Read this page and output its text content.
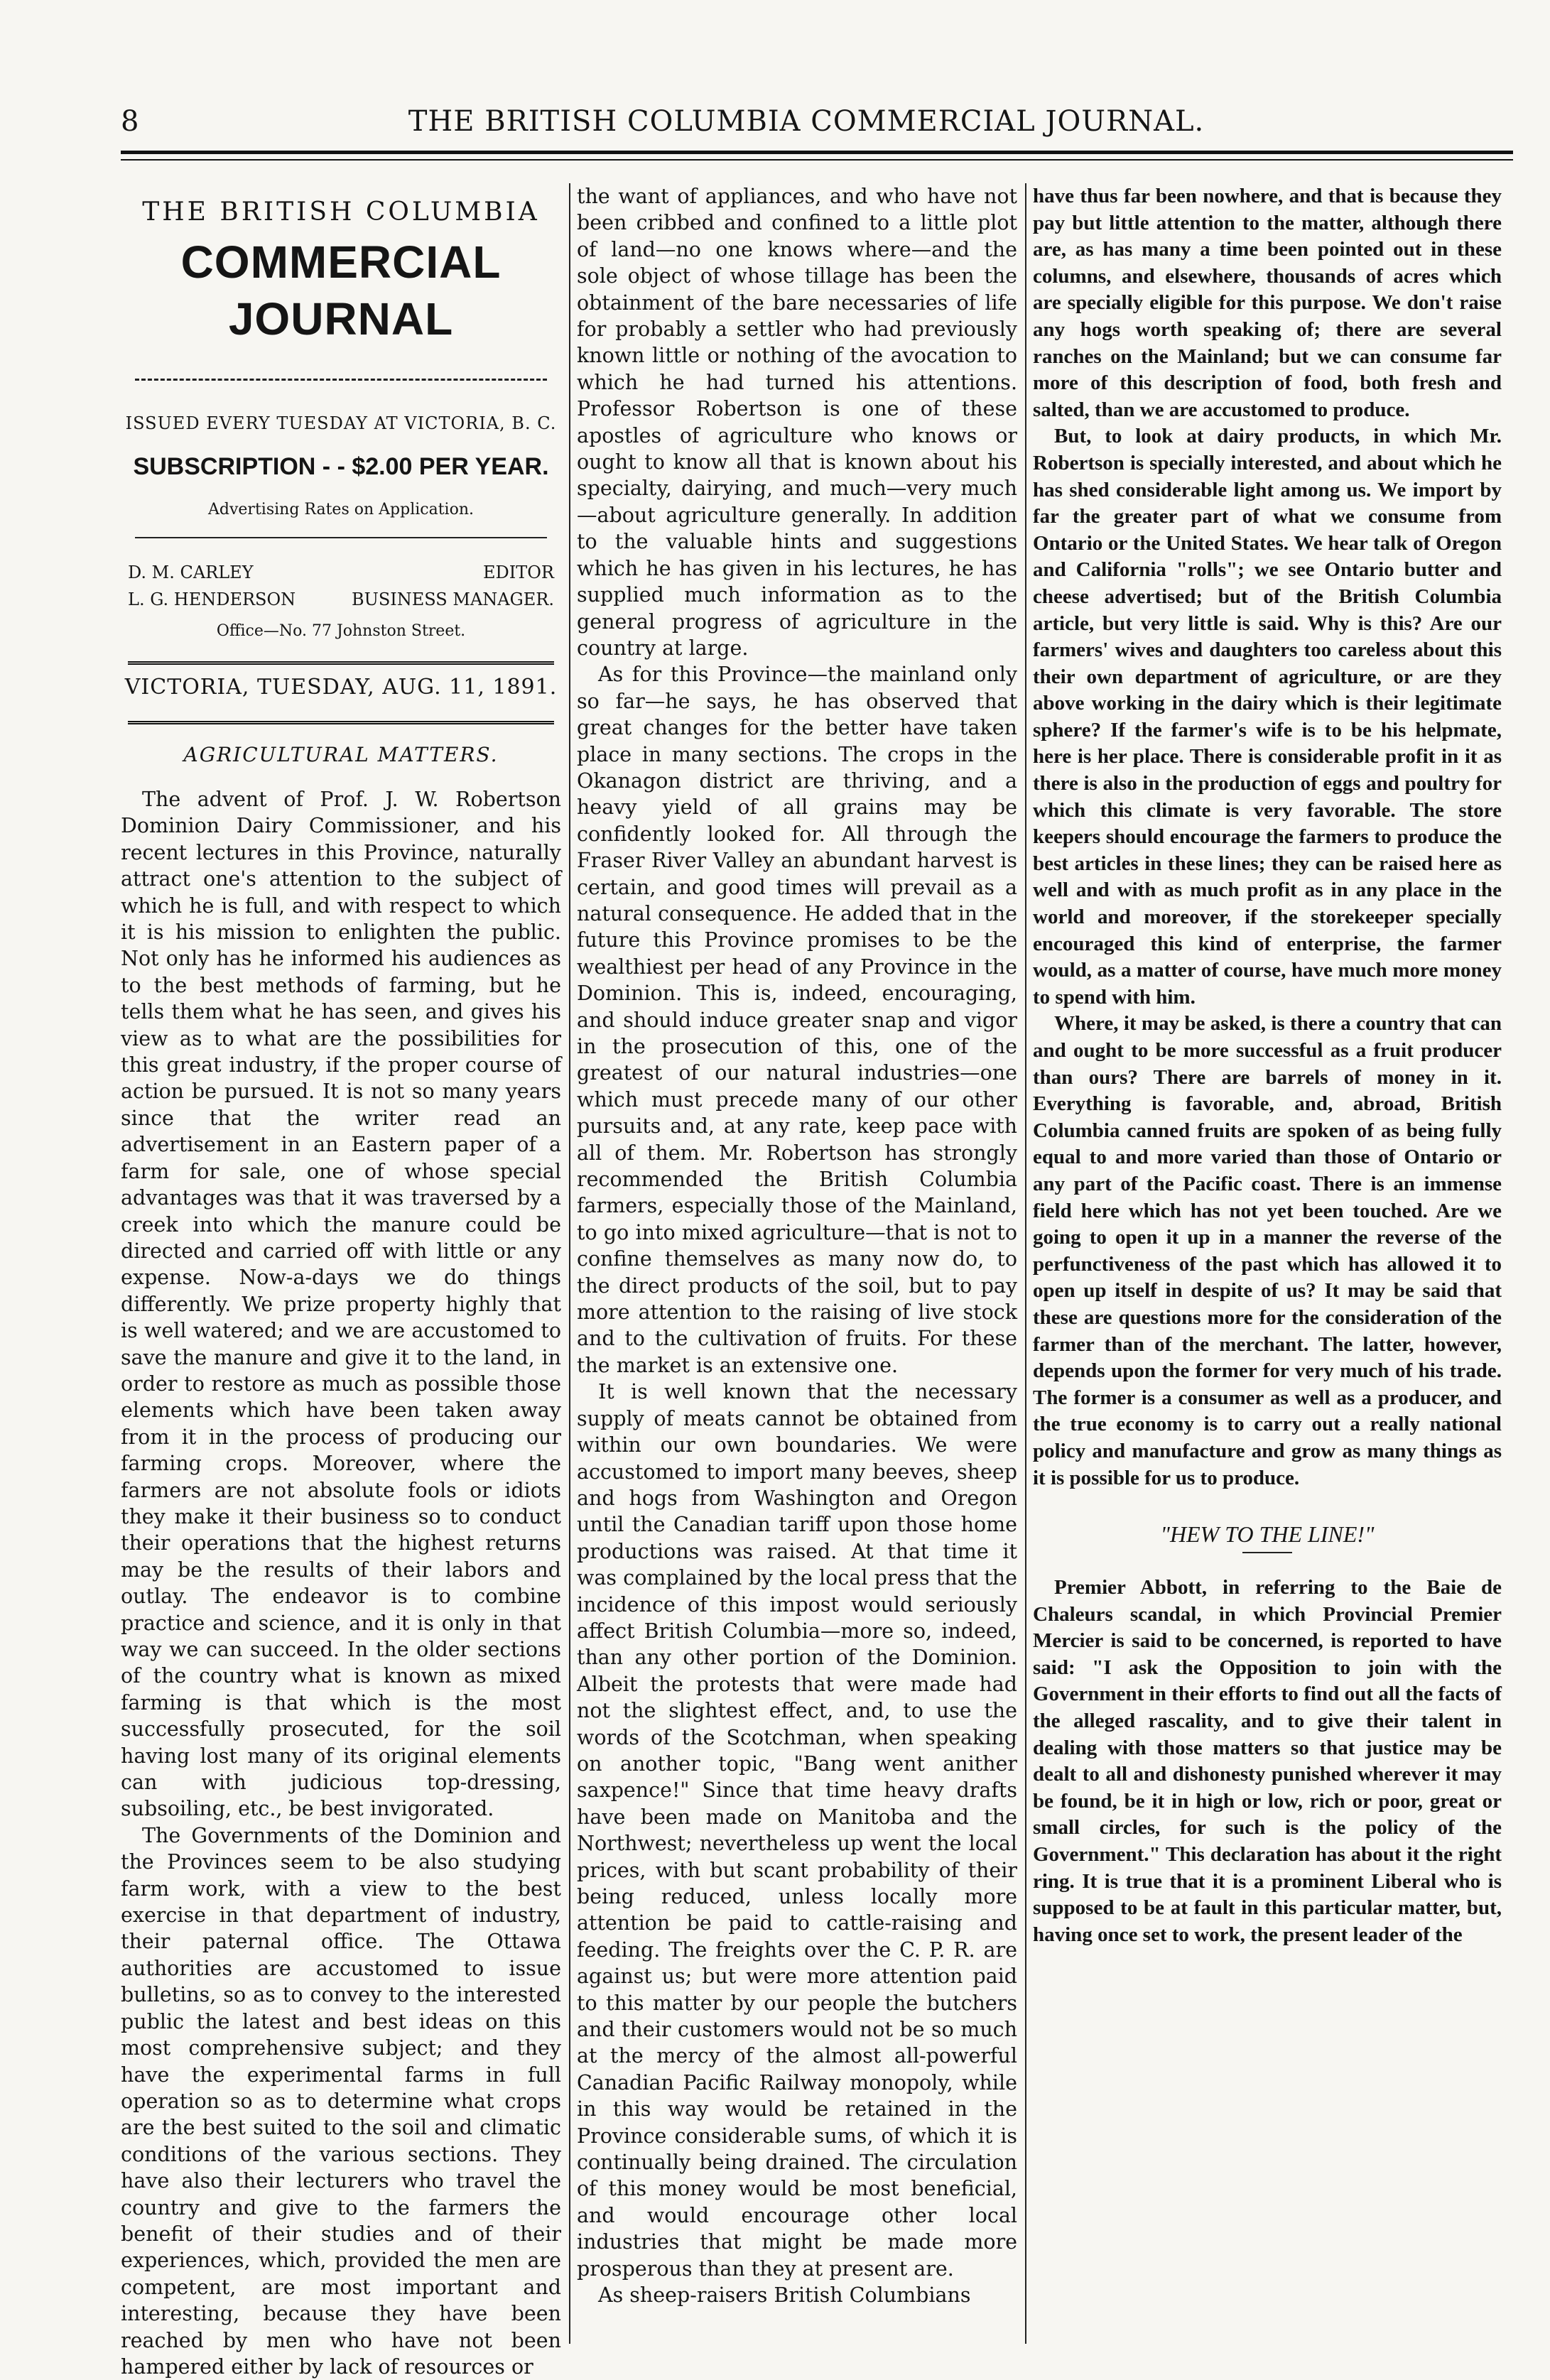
8	THE BRITISH COLUMBIA COMMERCIAL JOURNAL.
THE BRITISH COLUMBIA
COMMERCIAL JOURNAL
ISSUED EVERY TUESDAY AT VICTORIA, B. C.
SUBSCRIPTION - - $2.00 PER YEAR.
Advertising Rates on Application.
D. M. CARLEY	EDITOR
L. G. HENDERSON	BUSINESS MANAGER.
Office—No. 77 Johnston Street.
VICTORIA, TUESDAY, AUG. 11, 1891.
AGRICULTURAL MATTERS.

The advent of Prof. J. W. Robertson Dominion Dairy Commissioner, and his recent lectures in this Province, naturally attract one's attention to the subject of which he is full, and with respect to which it is his mission to enlighten the public. Not only has he informed his audiences as to the best methods of farming, but he tells them what he has seen, and gives his view as to what are the possibilities for this great industry, if the proper course of action be pursued. It is not so many years since that the writer read an advertisement in an Eastern paper of a farm for sale, one of whose special advantages was that it was traversed by a creek into which the manure could be directed and carried off with little or any expense. Now-a-days we do things differently. We prize property highly that is well watered; and we are accustomed to save the manure and give it to the land, in order to restore as much as possible those elements which have been taken away from it in the process of producing our farming crops. Moreover, where the farmers are not absolute fools or idiots they make it their business so to conduct their operations that the highest returns may be the results of their labors and outlay. The endeavor is to combine practice and science, and it is only in that way we can succeed. In the older sections of the country what is known as mixed farming is that which is the most successfully prosecuted, for the soil having lost many of its original elements can with judicious top-dressing, subsoiling, etc., be best invigorated.

The Governments of the Dominion and the Provinces seem to be also studying farm work, with a view to the best exercise in that department of industry, their paternal office. The Ottawa authorities are accustomed to issue bulletins, so as to convey to the interested public the latest and best ideas on this most comprehensive subject; and they have the experimental farms in full operation so as to determine what crops are the best suited to the soil and climatic conditions of the various sections. They have also their lecturers who travel the country and give to the farmers the benefit of their studies and of their experiences, which, provided the men are competent, are most important and interesting, because they have been reached by men who have not been hampered either by lack of resources or

the want of appliances, and who have not been cribbed and confined to a little plot of land—no one knows where—and the sole object of whose tillage has been the obtainment of the bare necessaries of life for probably a settler who had previously known little or nothing of the avocation to which he had turned his attentions. Professor Robertson is one of these apostles of agriculture who knows or ought to know all that is known about his specialty, dairying, and much—very much—about agriculture generally. In addition to the valuable hints and suggestions which he has given in his lectures, he has supplied much information as to the general progress of agriculture in the country at large.

As for this Province—the mainland only so far—he says, he has observed that great changes for the better have taken place in many sections. The crops in the Okanagon district are thriving, and a heavy yield of all grains may be confidently looked for. All through the Fraser River Valley an abundant harvest is certain, and good times will prevail as a natural consequence. He added that in the future this Province promises to be the wealthiest per head of any Province in the Dominion. This is, indeed, encouraging, and should induce greater snap and vigor in the prosecution of this, one of the greatest of our natural industries—one which must precede many of our other pursuits and, at any rate, keep pace with all of them. Mr. Robertson has strongly recommended the British Columbia farmers, especially those of the Mainland, to go into mixed agriculture—that is not to confine themselves as many now do, to the direct products of the soil, but to pay more attention to the raising of live stock and to the cultivation of fruits. For these the market is an extensive one.

It is well known that the necessary supply of meats cannot be obtained from within our own boundaries. We were accustomed to import many beeves, sheep and hogs from Washington and Oregon until the Canadian tariff upon those home productions was raised. At that time it was complained by the local press that the incidence of this impost would seriously affect British Columbia—more so, indeed, than any other portion of the Dominion. Albeit the protests that were made had not the slightest effect, and, to use the words of the Scotchman, when speaking on another topic, "Bang went anither saxpence!" Since that time heavy drafts have been made on Manitoba and the Northwest; nevertheless up went the local prices, with but scant probability of their being reduced, unless locally more attention be paid to cattle-raising and feeding. The freights over the C. P. R. are against us; but were more attention paid to this matter by our people the butchers and their customers would not be so much at the mercy of the almost all-powerful Canadian Pacific Railway monopoly, while in this way would be retained in the Province considerable sums, of which it is continually being drained. The circulation of this money would be most beneficial, and would encourage other local industries that might be made more prosperous than they at present are.

As sheep-raisers British Columbians

have thus far been nowhere, and that is because they pay but little attention to the matter, although there are, as has many a time been pointed out in these columns, and elsewhere, thousands of acres which are specially eligible for this purpose. We don't raise any hogs worth speaking of; there are several ranches on the Mainland; but we can consume far more of this description of food, both fresh and salted, than we are accustomed to produce.

But, to look at dairy products, in which Mr. Robertson is specially interested, and about which he has shed considerable light among us. We import by far the greater part of what we consume from Ontario or the United States. We hear talk of Oregon and California "rolls"; we see Ontario butter and cheese advertised; but of the British Columbia article, but very little is said. Why is this? Are our farmers' wives and daughters too careless about this their own department of agriculture, or are they above working in the dairy which is their legitimate sphere? If the farmer's wife is to be his helpmate, here is her place. There is considerable profit in it as there is also in the production of eggs and poultry for which this climate is very favorable. The store keepers should encourage the farmers to produce the best articles in these lines; they can be raised here as well and with as much profit as in any place in the world and moreover, if the storekeeper specially encouraged this kind of enterprise, the farmer would, as a matter of course, have much more money to spend with him.

Where, it may be asked, is there a country that can and ought to be more successful as a fruit producer than ours? There are barrels of money in it. Everything is favorable, and, abroad, British Columbia canned fruits are spoken of as being fully equal to and more varied than those of Ontario or any part of the Pacific coast. There is an immense field here which has not yet been touched. Are we going to open it up in a manner the reverse of the perfunctiveness of the past which has allowed it to open up itself in despite of us? It may be said that these are questions more for the consideration of the farmer than of the merchant. The latter, however, depends upon the former for very much of his trade. The former is a consumer as well as a producer, and the true economy is to carry out a really national policy and manufacture and grow as many things as it is possible for us to produce.

"HEW TO THE LINE!"

Premier Abbott, in referring to the Baie de Chaleurs scandal, in which Provincial Premier Mercier is said to be concerned, is reported to have said: "I ask the Opposition to join with the Government in their efforts to find out all the facts of the alleged rascality, and to give their talent in dealing with those matters so that justice may be dealt to all and dishonesty punished wherever it may be found, be it in high or low, rich or poor, great or small circles, for such is the policy of the Government." This declaration has about it the right ring. It is true that it is a prominent Liberal who is supposed to be at fault in this particular matter, but, having once set to work, the present leader of the
